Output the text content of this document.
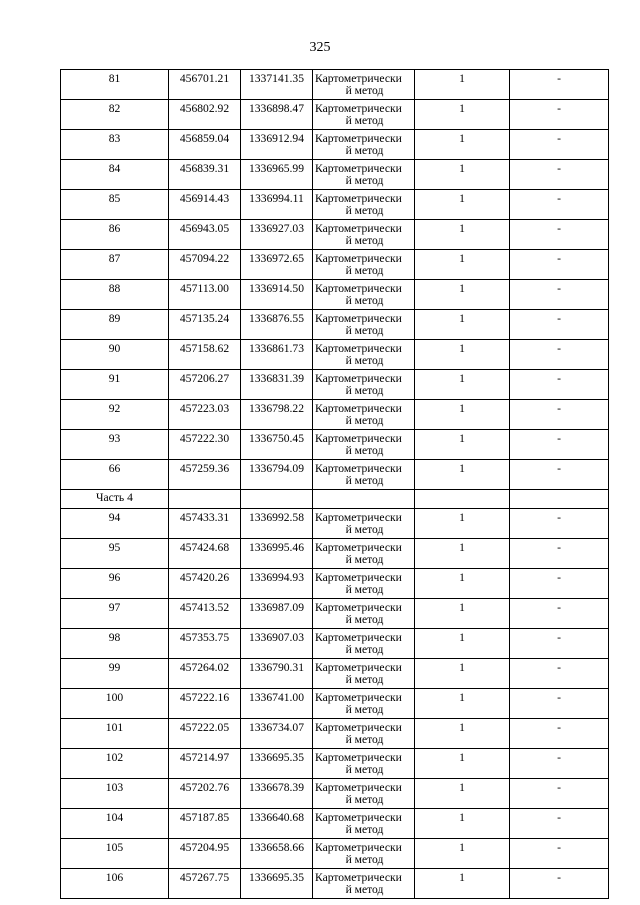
325
81	456701.21	1337141.35	Картометрически
й метод	1	-
82	456802.92	1336898.47	Картометрически
й метод	1	-
83	456859.04	1336912.94	Картометрически
й метод	1	-
84	456839.31	1336965.99	Картометрически
й метод	1	-
85	456914.43	1336994.11	Картометрически
й метод	1	-
86	456943.05	1336927.03	Картометрически
й метод	1	-
87	457094.22	1336972.65	Картометрически
й метод	1	-
88	457113.00	1336914.50	Картометрически
й метод	1	-
89	457135.24	1336876.55	Картометрически
й метод	1	-
90	457158.62	1336861.73	Картометрически
й метод	1	-
91	457206.27	1336831.39	Картометрически
й метод	1	-
92	457223.03	1336798.22	Картометрически
й метод	1	-
93	457222.30	1336750.45	Картометрически
й метод	1	-
66	457259.36	1336794.09	Картометрически
й метод	1	-
Часть 4					
94	457433.31	1336992.58	Картометрически
й метод	1	-
95	457424.68	1336995.46	Картометрически
й метод	1	-
96	457420.26	1336994.93	Картометрически
й метод	1	-
97	457413.52	1336987.09	Картометрически
й метод	1	-
98	457353.75	1336907.03	Картометрически
й метод	1	-
99	457264.02	1336790.31	Картометрически
й метод	1	-
100	457222.16	1336741.00	Картометрически
й метод	1	-
101	457222.05	1336734.07	Картометрически
й метод	1	-
102	457214.97	1336695.35	Картометрически
й метод	1	-
103	457202.76	1336678.39	Картометрически
й метод	1	-
104	457187.85	1336640.68	Картометрически
й метод	1	-
105	457204.95	1336658.66	Картометрически
й метод	1	-
106	457267.75	1336695.35	Картометрически
й метод	1	-
